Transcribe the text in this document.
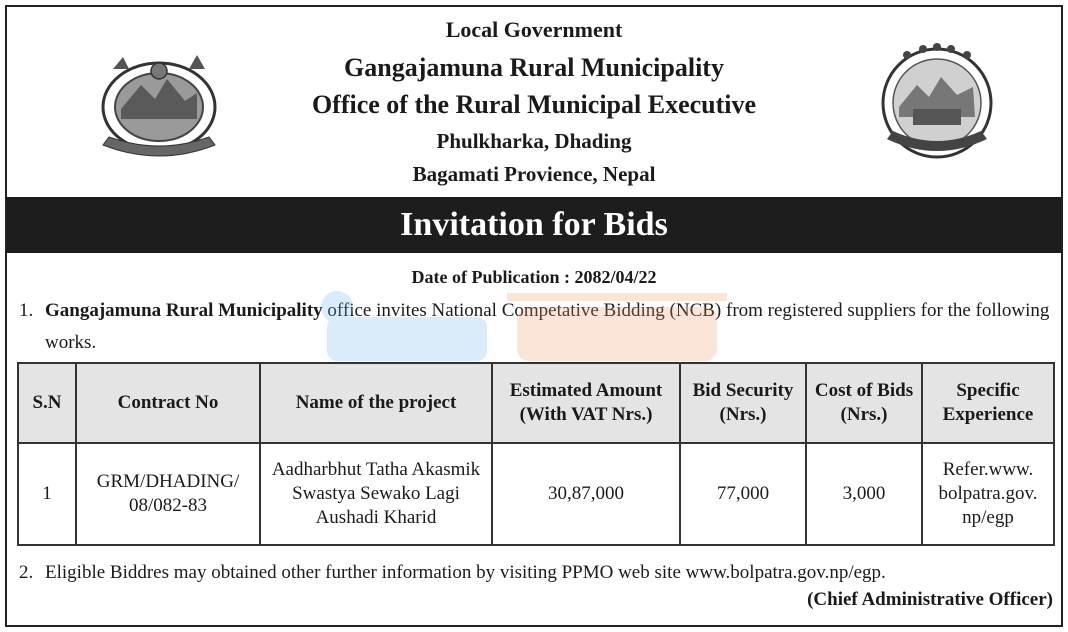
Local Government
Gangajamuna Rural Municipality
Office of the Rural Municipal Executive
Phulkharka, Dhading
Bagamati Provience, Nepal
Invitation for Bids
Date of Publication : 2082/04/22
1. Gangajamuna Rural Municipality office invites National Competative Bidding (NCB) from registered suppliers for the following works.
S.N	Contract No	Name of the project	Estimated Amount (With VAT Nrs.)	Bid Security (Nrs.)	Cost of Bids (Nrs.)	Specific Experience
1	GRM/DHADING/ 08/082-83	Aadharbhut Tatha Akasmik Swastya Sewako Lagi Aushadi Kharid	30,87,000	77,000	3,000	Refer.www. bolpatra.gov. np/egp
2. Eligible Biddres may obtained other further information by visiting PPMO web site www.bolpatra.gov.np/egp.
(Chief Administrative Officer)
